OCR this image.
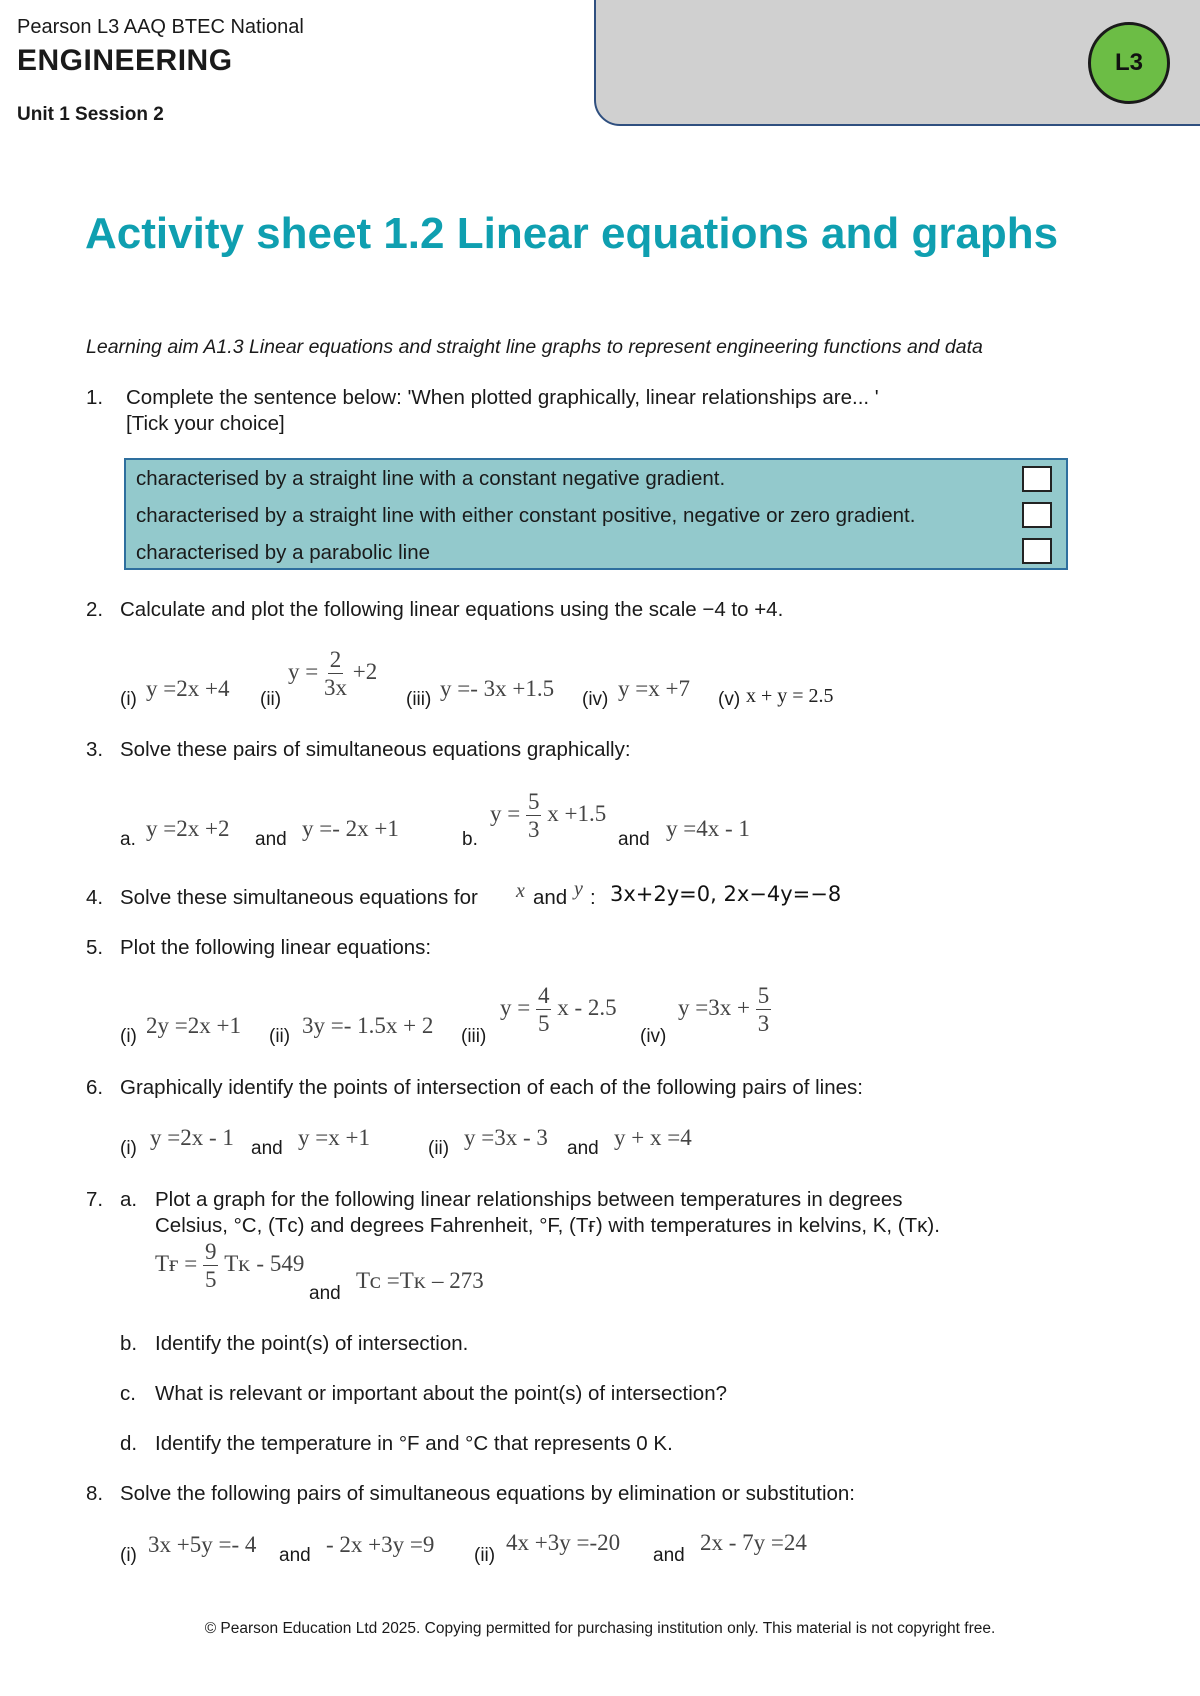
Pearson L3 AAQ BTEC National
ENGINEERING
Unit 1 Session 2
L3
Activity sheet 1.2 Linear equations and graphs
Learning aim A1.3 Linear equations and straight line graphs to represent engineering functions and data
1. Complete the sentence below: 'When plotted graphically, linear relationships are... '
[Tick your choice]
characterised by a straight line with a constant negative gradient.
characterised by a straight line with either constant positive, negative or zero gradient.
characterised by a parabolic line
2. Calculate and plot the following linear equations using the scale −4 to +4.
(i) y =2x +4 (ii)
$y = \frac{2}{3x} +2$
(iii) y =- 3x +1.5 (iv) y =x +7 (v) x + y = 2.5
3. Solve these pairs of simultaneous equations graphically:
a. y =2x +2 and y =- 2x +1	b.
$y = \frac{5}{3}$ x +1.5
and y =4x - 1
4. Solve these simultaneous equations for x and y : 3x+2y=0, 2x−4y=−8
5. Plot the following linear equations:
(i) 2y =2x +1 (ii) 3y =- 1.5x + 2 (iii)
$y = \frac{4}{5}$ x - 2.5
(iv)
$y =3x + \frac{5}{3}$
6. Graphically identify the points of intersection of each of the following pairs of lines:
(i) y =2x - 1 and y =x +1	(ii) y =3x - 3 and y + x =4
7. a. Plot a graph for the following linear relationships between temperatures in degrees
Celsius, °C, (Tᴄ) and degrees Fahrenheit, °F, (Tғ) with temperatures in kelvins, K, (Tᴋ).
Tғ = $\frac{9}{5}$ Tᴋ - 549
and
Tᴄ =Tᴋ – 273
b. Identify the point(s) of intersection.
c. What is relevant or important about the point(s) of intersection?
d. Identify the temperature in °F and °C that represents 0 K.
8. Solve the following pairs of simultaneous equations by elimination or substitution:
(i) 3x +5y =- 4 and - 2x +3y =9 (ii)
4x +3y =-20
and
2x - 7y =24
© Pearson Education Ltd 2025. Copying permitted for purchasing institution only. This material is not copyright free.
